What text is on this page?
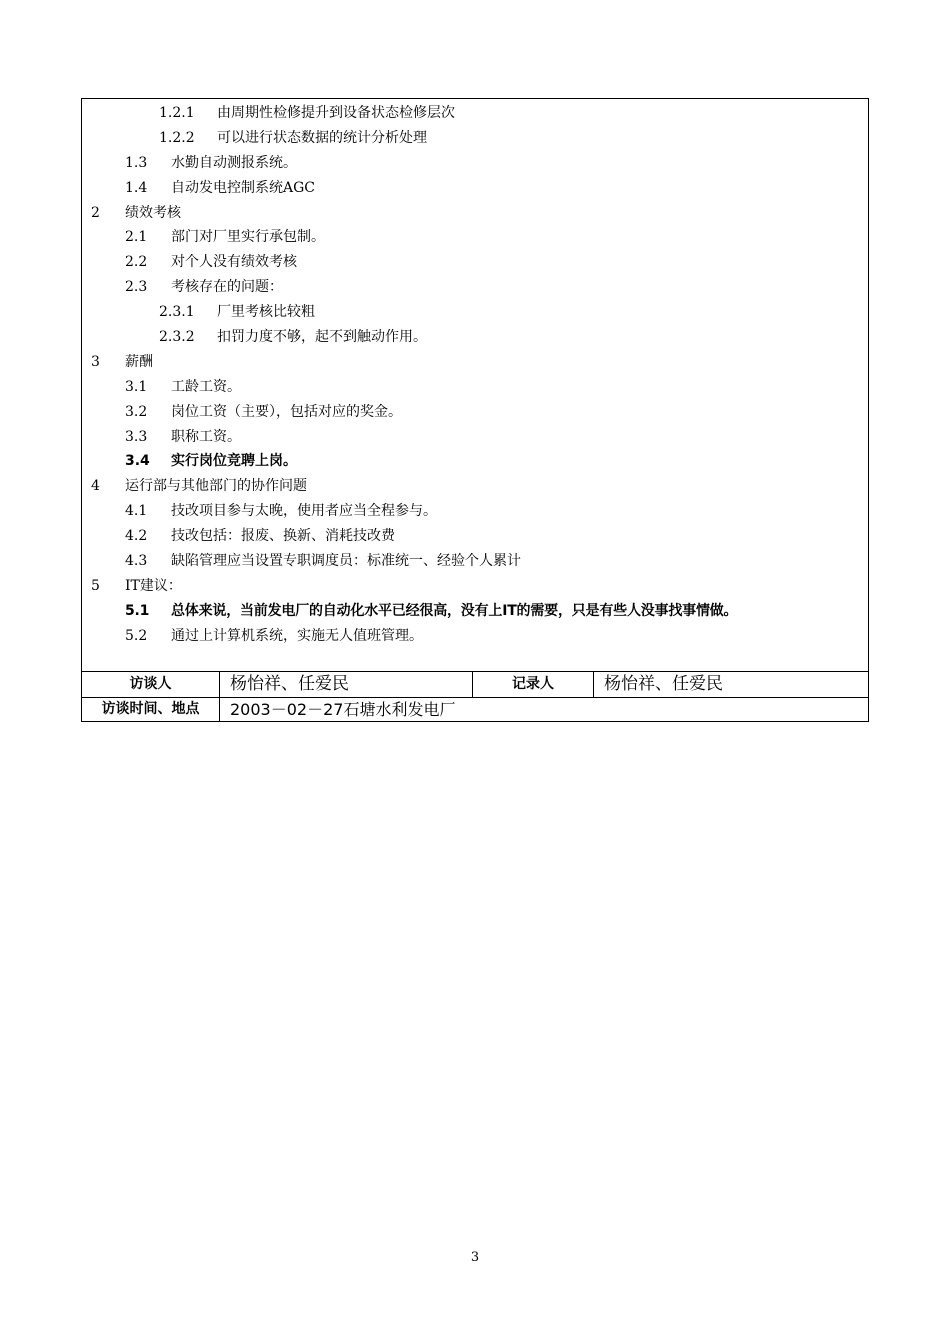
1.2.1 由周期性检修提升到设备状态检修层次
1.2.2 可以进行状态数据的统计分析处理
1.3 水勤自动测报系统。
1.4 自动发电控制系统AGC
2 绩效考核
2.1 部门对厂里实行承包制。
2.2 对个人没有绩效考核
2.3 考核存在的问题：
2.3.1 厂里考核比较粗
2.3.2 扣罚力度不够，起不到触动作用。
3 薪酬
3.1 工龄工资。
3.2 岗位工资（主要），包括对应的奖金。
3.3 职称工资。
3.4 实行岗位竞聘上岗。
4 运行部与其他部门的协作问题
4.1 技改项目参与太晚，使用者应当全程参与。
4.2 技改包括：报废、换新、消耗技改费
4.3 缺陷管理应当设置专职调度员：标准统一、经验个人累计
5 IT建议：
5.1 总体来说，当前发电厂的自动化水平已经很高，没有上IT的需要，只是有些人没事找事情做。
5.2 通过上计算机系统，实施无人值班管理。
访谈人	杨怡祥、任爱民	记录人	杨怡祥、任爱民
访谈时间、地点	2003－02－27石塘水利发电厂
3
